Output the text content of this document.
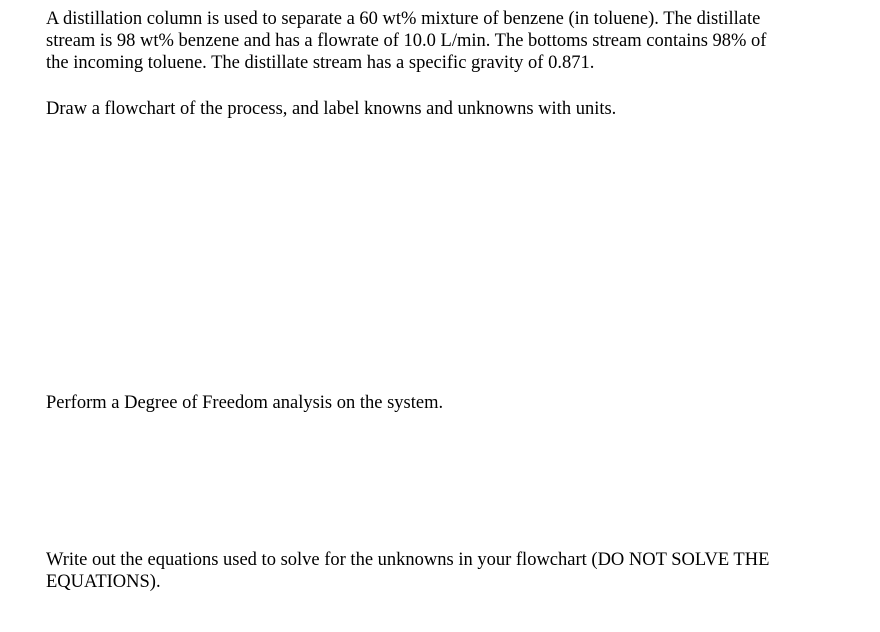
A distillation column is used to separate a 60 wt% mixture of benzene (in toluene). The distillate
stream is 98 wt% benzene and has a flowrate of 10.0 L/min. The bottoms stream contains 98% of
the incoming toluene. The distillate stream has a specific gravity of 0.871.

Draw a flowchart of the process, and label knowns and unknowns with units.

Perform a Degree of Freedom analysis on the system.

Write out the equations used to solve for the unknowns in your flowchart (DO NOT SOLVE THE
EQUATIONS).
